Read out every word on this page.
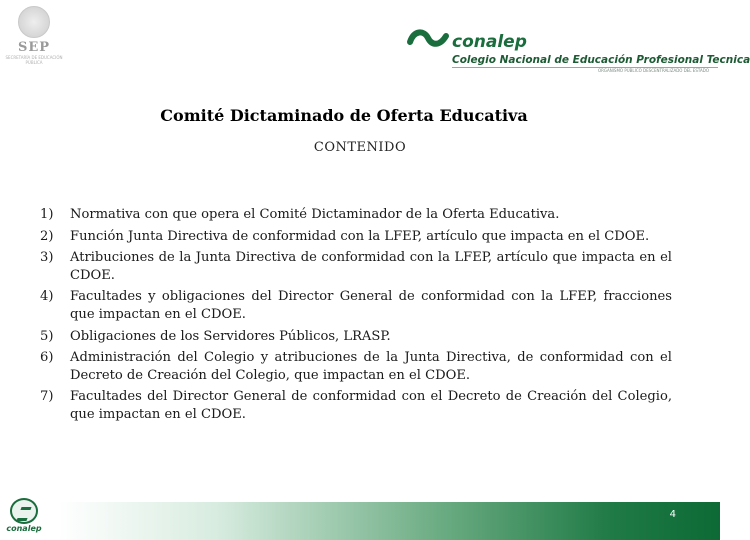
SEP
SECRETARÍA DE EDUCACIÓN PÚBLICA
conalep
Colegio Nacional de Educación Profesional Tecnica
ORGANISMO PÚBLICO DESCENTRALIZADO DEL ESTADO
Comité Dictaminado de Oferta Educativa
CONTENIDO
1) Normativa con que opera el Comité Dictaminador de la Oferta Educativa.
2) Función Junta Directiva de conformidad con la LFEP, artículo que impacta en el CDOE.
3) Atribuciones de la Junta Directiva de conformidad con la LFEP, artículo que impacta en el CDOE.
4) Facultades y obligaciones del Director General de conformidad con la LFEP, fracciones que impactan en el CDOE.
5) Obligaciones de los Servidores Públicos, LRASP.
6) Administración del Colegio y atribuciones de la Junta Directiva, de conformidad con el Decreto de Creación del Colegio, que impactan en el CDOE.
7) Facultades del Director General de conformidad con el Decreto de Creación del Colegio, que impactan en el CDOE.
4
conalep
